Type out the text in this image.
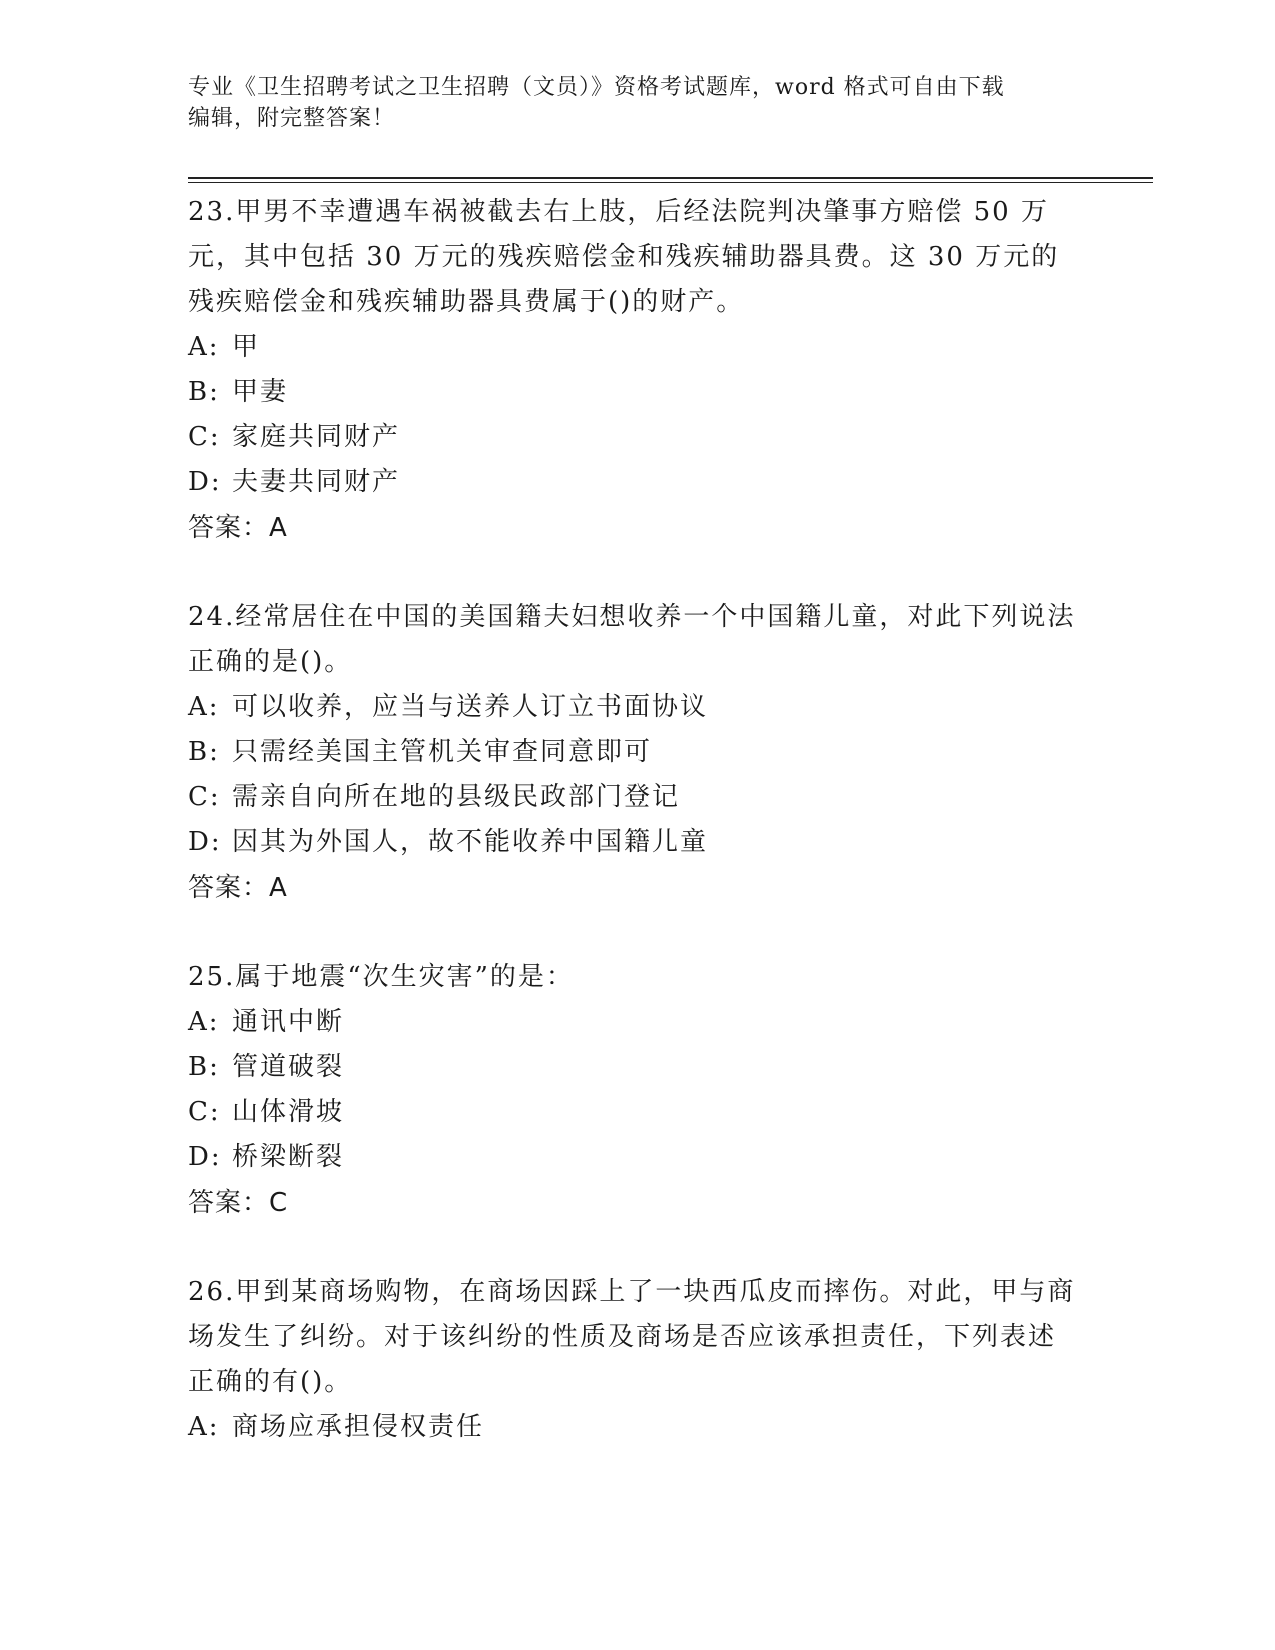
专业《卫生招聘考试之卫生招聘（文员）》资格考试题库，word 格式可自由下载
编辑，附完整答案！

23.甲男不幸遭遇车祸被截去右上肢，后经法院判决肇事方赔偿 50 万元，其中包括 30 万元的残疾赔偿金和残疾辅助器具费。这 30 万元的残疾赔偿金和残疾辅助器具费属于()的财产。

A: 甲
B: 甲妻
C: 家庭共同财产
D: 夫妻共同财产

答案：A

24.经常居住在中国的美国籍夫妇想收养一个中国籍儿童，对此下列说法正确的是()。

A: 可以收养，应当与送养人订立书面协议
B: 只需经美国主管机关审查同意即可
C: 需亲自向所在地的县级民政部门登记
D: 因其为外国人，故不能收养中国籍儿童

答案：A

25.属于地震“次生灾害”的是：

A: 通讯中断
B: 管道破裂
C: 山体滑坡
D: 桥梁断裂

答案：C

26.甲到某商场购物，在商场因踩上了一块西瓜皮而摔伤。对此，甲与商场发生了纠纷。对于该纠纷的性质及商场是否应该承担责任，下列表述正确的有()。

A: 商场应承担侵权责任
